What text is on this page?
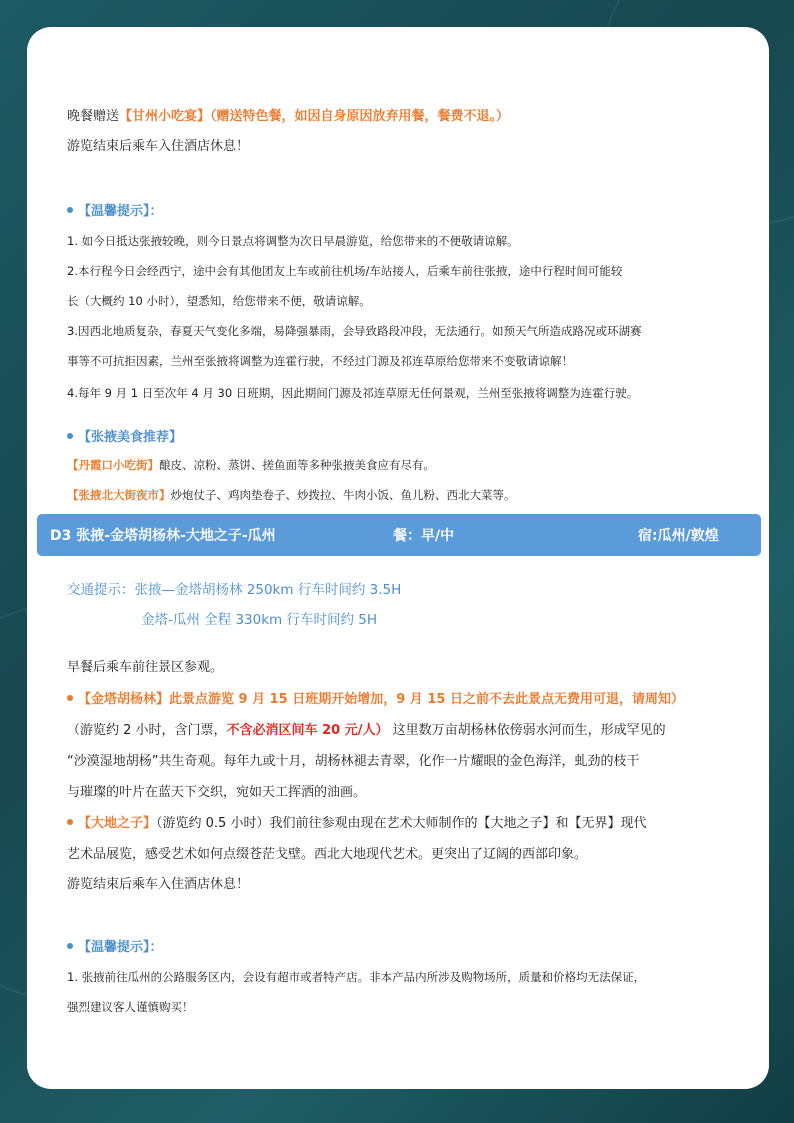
晚餐赠送【甘州小吃宴】（赠送特色餐，如因自身原因放弃用餐，餐费不退。）
游览结束后乘车入住酒店休息！
【温馨提示】：
1. 如今日抵达张掖较晚，则今日景点将调整为次日早晨游览，给您带来的不便敬请谅解。
2.本行程今日会经西宁，途中会有其他团友上车或前往机场/车站接人，后乘车前往张掖，途中行程时间可能较
长（大概约 10 小时），望悉知，给您带来不便，敬请谅解。
3.因西北地质复杂，春夏天气变化多端，易降强暴雨，会导致路段冲段，无法通行。如预天气所造成路况或环湖赛
事等不可抗拒因素，兰州至张掖将调整为连霍行驶，不经过门源及祁连草原给您带来不变敬请谅解！
4.每年 9 月 1 日至次年 4 月 30 日班期，因此期间门源及祁连草原无任何景观，兰州至张掖将调整为连霍行驶。
【张掖美食推荐】
【丹霞口小吃街】酿皮、凉粉、蒸饼、搓鱼面等多种张掖美食应有尽有。
【张掖北大街夜市】炒炮仗子、鸡肉垫卷子、炒拨拉、牛肉小饭、鱼儿粉、西北大菜等。
D3 张掖-金塔胡杨林-大地之子-瓜州	餐：早/中	宿:瓜州/敦煌
交通提示：张掖—金塔胡杨林 250km 行车时间约 3.5H
金塔-瓜州 全程 330km 行车时间约 5H
早餐后乘车前往景区参观。
【金塔胡杨林】此景点游览 9 月 15 日班期开始增加，9 月 15 日之前不去此景点无费用可退，请周知）
（游览约 2 小时，含门票，不含必消区间车 20 元/人） 这里数万亩胡杨林依傍弱水河而生，形成罕见的
“沙漠湿地胡杨”共生奇观。每年九或十月，胡杨林褪去青翠，化作一片耀眼的金色海洋，虬劲的枝干
与璀璨的叶片在蓝天下交织，宛如天工挥洒的油画。
【大地之子】（游览约 0.5 小时）我们前往参观由现在艺术大师制作的【大地之子】和【无界】现代
艺术品展览，感受艺术如何点缀苍茫戈壁。西北大地现代艺术。更突出了辽阔的西部印象。
游览结束后乘车入住酒店休息！
【温馨提示】：
1. 张掖前往瓜州的公路服务区内，会设有超市或者特产店。非本产品内所涉及购物场所，质量和价格均无法保证，
强烈建议客人谨慎购买！
